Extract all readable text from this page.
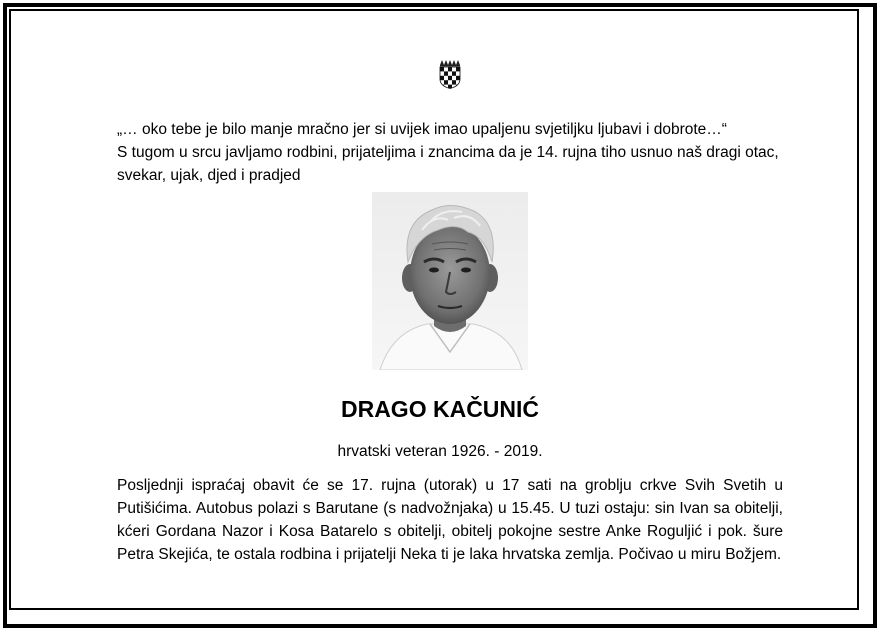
„… oko tebe je bilo manje mračno jer si uvijek imao upaljenu svjetiljku ljubavi i dobrote…“

S tugom u srcu javljamo rodbini, prijateljima i znancima da je 14. rujna tiho usnuo naš dragi otac, svekar, ujak, djed i pradjed

DRAGO KAČUNIĆ
hrvatski veteran 1926. - 2019.

Posljednji ispraćaj obavit će se 17. rujna (utorak) u 17 sati na groblju crkve Svih Svetih u Putišićima. Autobus polazi s Barutane (s nadvožnjaka) u 15.45. U tuzi ostaju: sin Ivan sa obitelji, kćeri Gordana Nazor i Kosa Batarelo s obitelji, obitelj pokojne sestre Anke Roguljić i pok. šure Petra Skejića, te ostala rodbina i prijatelji Neka ti je laka hrvatska zemlja. Počivao u miru Božjem.
